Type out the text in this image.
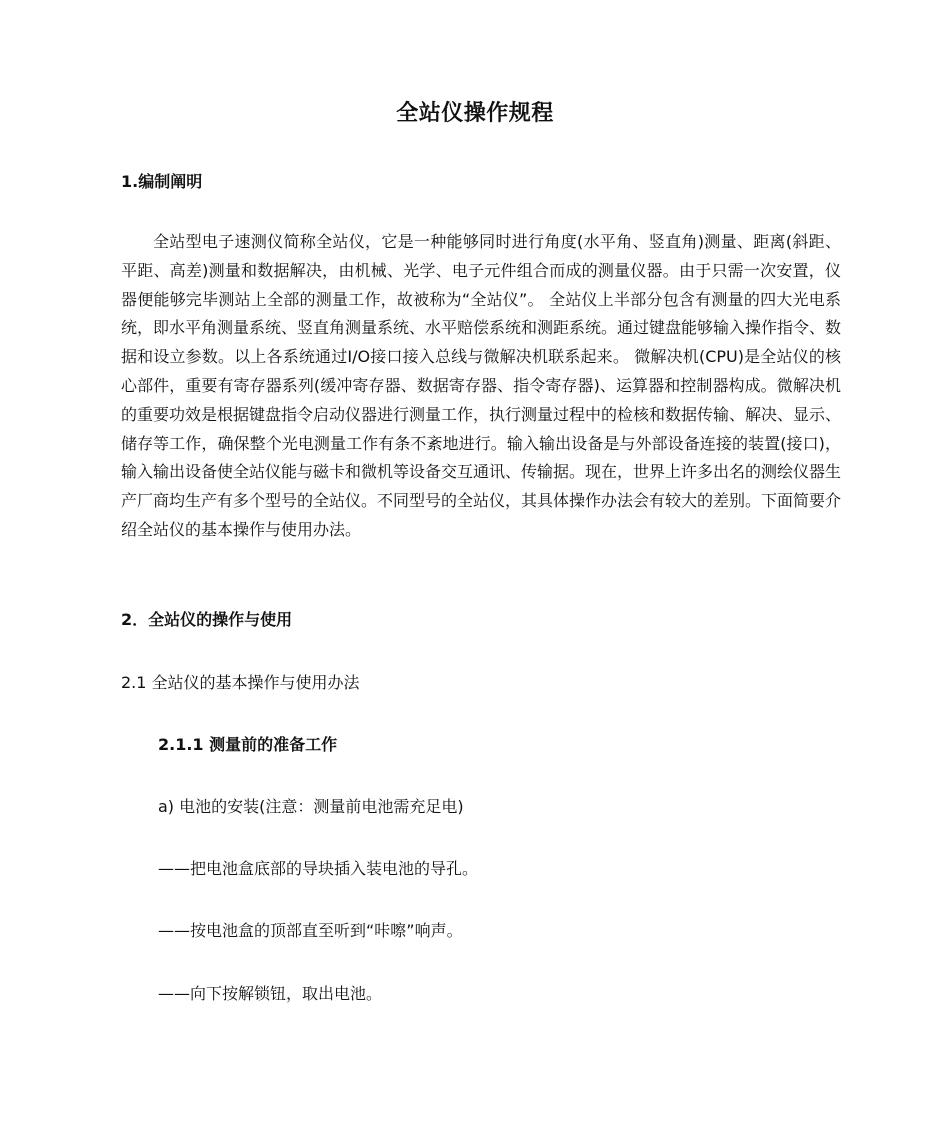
全站仪操作规程
1.编制阐明

全站型电子速测仪简称全站仪，它是一种能够同时进行角度(水平角、竖直角)测量、距离(斜距、平距、高差)测量和数据解决，由机械、光学、电子元件组合而成的测量仪器。由于只需一次安置，仪器便能够完毕测站上全部的测量工作，故被称为“全站仪”。 全站仪上半部分包含有测量的四大光电系统，即水平角测量系统、竖直角测量系统、水平赔偿系统和测距系统。通过键盘能够输入操作指令、数据和设立参数。以上各系统通过I/O接口接入总线与微解决机联系起来。 微解决机(CPU)是全站仪的核心部件，重要有寄存器系列(缓冲寄存器、数据寄存器、指令寄存器)、运算器和控制器构成。微解决机的重要功效是根据键盘指令启动仪器进行测量工作，执行测量过程中的检核和数据传输、解决、显示、储存等工作，确保整个光电测量工作有条不紊地进行。输入输出设备是与外部设备连接的装置(接口)，输入输出设备使全站仪能与磁卡和微机等设备交互通讯、传输据。现在，世界上许多出名的测绘仪器生产厂商均生产有多个型号的全站仪。不同型号的全站仪，其具体操作办法会有较大的差别。下面简要介绍全站仪的基本操作与使用办法。

2．全站仪的操作与使用
2.1 全站仪的基本操作与使用办法
2.1.1 测量前的准备工作
a) 电池的安装(注意：测量前电池需充足电)
——把电池盒底部的导块插入装电池的导孔。
——按电池盒的顶部直至听到“咔嚓”响声。
——向下按解锁钮，取出电池。
